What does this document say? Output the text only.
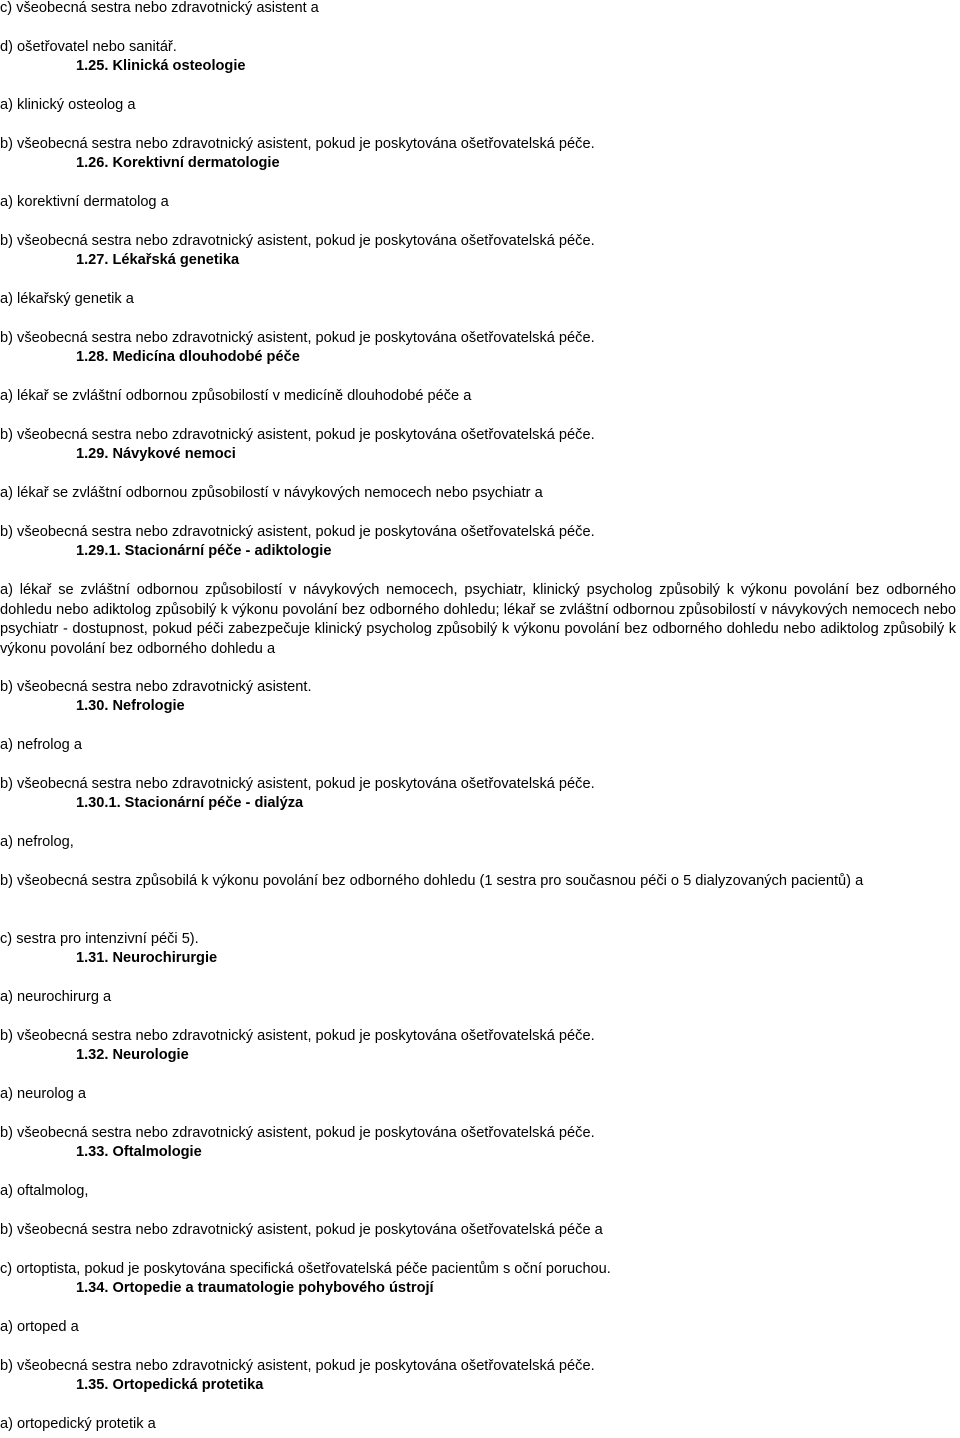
c) všeobecná sestra nebo zdravotnický asistent a

d) ošetřovatel nebo sanitář.

1.25. Klinická osteologie

a) klinický osteolog a

b) všeobecná sestra nebo zdravotnický asistent, pokud je poskytována ošetřovatelská péče.

1.26. Korektivní dermatologie

a) korektivní dermatolog a

b) všeobecná sestra nebo zdravotnický asistent, pokud je poskytována ošetřovatelská péče.

1.27. Lékařská genetika

a) lékařský genetik a

b) všeobecná sestra nebo zdravotnický asistent, pokud je poskytována ošetřovatelská péče.

1.28. Medicína dlouhodobé péče

a) lékař se zvláštní odbornou způsobilostí v medicíně dlouhodobé péče a

b) všeobecná sestra nebo zdravotnický asistent, pokud je poskytována ošetřovatelská péče.

1.29. Návykové nemoci

a) lékař se zvláštní odbornou způsobilostí v návykových nemocech nebo psychiatr a

b) všeobecná sestra nebo zdravotnický asistent, pokud je poskytována ošetřovatelská péče.

1.29.1. Stacionární péče - adiktologie

a) lékař se zvláštní odbornou způsobilostí v návykových nemocech, psychiatr, klinický psycholog způsobilý k výkonu povolání bez odborného dohledu nebo adiktolog způsobilý k výkonu povolání bez odborného dohledu; lékař se zvláštní odbornou způsobilostí v návykových nemocech nebo psychiatr - dostupnost, pokud péči zabezpečuje klinický psycholog způsobilý k výkonu povolání bez odborného dohledu nebo adiktolog způsobilý k výkonu povolání bez odborného dohledu a

b) všeobecná sestra nebo zdravotnický asistent.

1.30. Nefrologie

a) nefrolog a

b) všeobecná sestra nebo zdravotnický asistent, pokud je poskytována ošetřovatelská péče.

1.30.1. Stacionární péče - dialýza

a) nefrolog,

b) všeobecná sestra způsobilá k výkonu povolání bez odborného dohledu (1 sestra pro současnou péči o 5 dialyzovaných pacientů) a

c) sestra pro intenzivní péči 5).

1.31. Neurochirurgie

a) neurochirurg a

b) všeobecná sestra nebo zdravotnický asistent, pokud je poskytována ošetřovatelská péče.

1.32. Neurologie

a) neurolog a

b) všeobecná sestra nebo zdravotnický asistent, pokud je poskytována ošetřovatelská péče.

1.33. Oftalmologie

a) oftalmolog,

b) všeobecná sestra nebo zdravotnický asistent, pokud je poskytována ošetřovatelská péče a

c) ortoptista, pokud je poskytována specifická ošetřovatelská péče pacientům s oční poruchou.

1.34. Ortopedie a traumatologie pohybového ústrojí

a) ortoped a

b) všeobecná sestra nebo zdravotnický asistent, pokud je poskytována ošetřovatelská péče.

1.35. Ortopedická protetika

a) ortopedický protetik a
